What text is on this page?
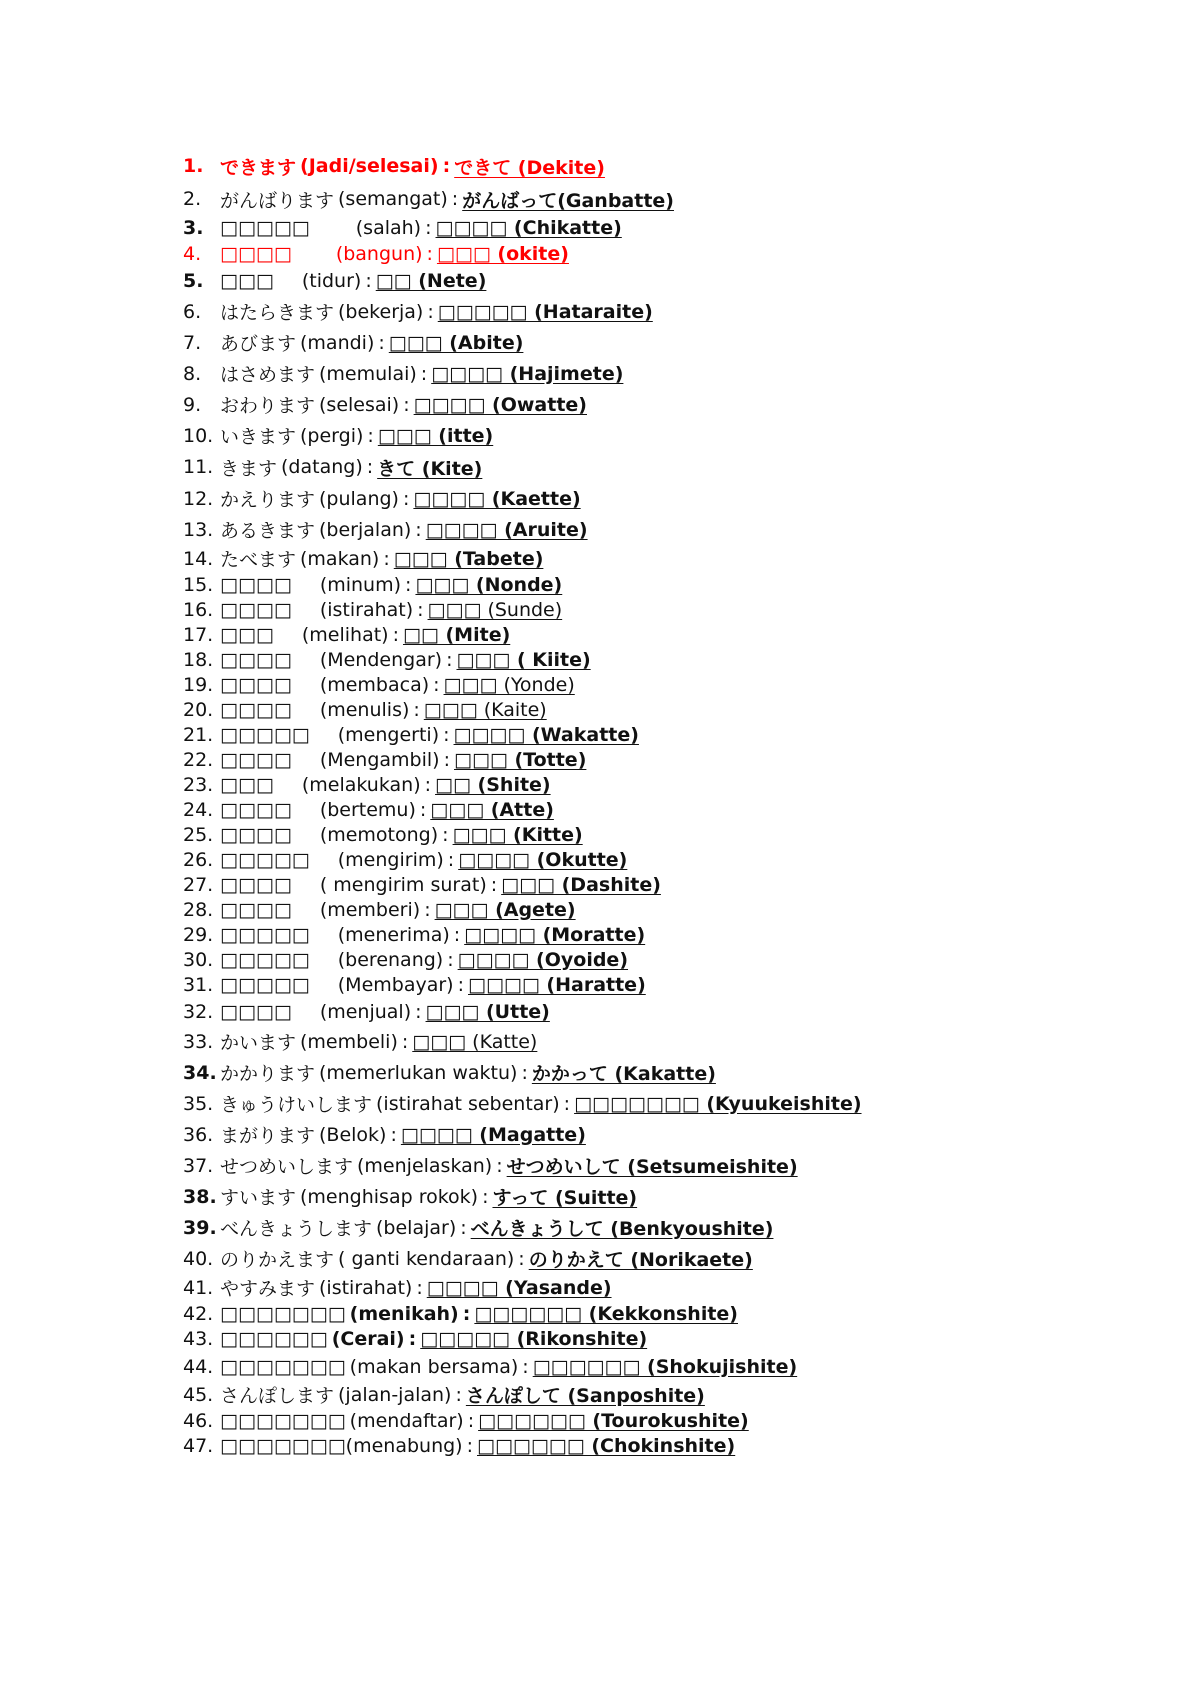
1. できます (Jadi/selesai) : できて (Dekite)
2. がんばります (semangat) : がんばって(Ganbatte)
3. □□□□□ (salah) : □□□□ (Chikatte)
4. □□□□ (bangun) : □□□ (okite)
5. □□□ (tidur) : □□ (Nete)
6. はたらきます (bekerja) : □□□□□ (Hataraite)
7. あびます (mandi) : □□□ (Abite)
8. はさめます (memulai) : □□□□ (Hajimete)
9. おわります (selesai) : □□□□ (Owatte)
10. いきます (pergi) : □□□ (itte)
11. きます (datang) : きて (Kite)
12. かえります (pulang) : □□□□ (Kaette)
13. あるきます (berjalan) : □□□□ (Aruite)
14. たべます (makan) : □□□ (Tabete)
15. □□□□ (minum) : □□□ (Nonde)
16. □□□□ (istirahat) : □□□ (Sunde)
17. □□□ (melihat) : □□ (Mite)
18. □□□□ (Mendengar) : □□□ ( Kiite)
19. □□□□ (membaca) : □□□ (Yonde)
20. □□□□ (menulis) : □□□ (Kaite)
21. □□□□□ (mengerti) : □□□□ (Wakatte)
22. □□□□ (Mengambil) : □□□ (Totte)
23. □□□ (melakukan) : □□ (Shite)
24. □□□□ (bertemu) : □□□ (Atte)
25. □□□□ (memotong) : □□□ (Kitte)
26. □□□□□ (mengirim) : □□□□ (Okutte)
27. □□□□ ( mengirim surat) : □□□ (Dashite)
28. □□□□ (memberi) : □□□ (Agete)
29. □□□□□ (menerima) : □□□□ (Moratte)
30. □□□□□ (berenang) : □□□□ (Oyoide)
31. □□□□□ (Membayar) : □□□□ (Haratte)
32. □□□□ (menjual) : □□□ (Utte)
33. かいます (membeli) : □□□ (Katte)
34. かかります (memerlukan waktu) : かかって (Kakatte)
35. きゅうけいします (istirahat sebentar) : □□□□□□□ (Kyuukeishite)
36. まがります (Belok) : □□□□ (Magatte)
37. せつめいします (menjelaskan) : せつめいして (Setsumeishite)
38. すいます (menghisap rokok) : すって (Suitte)
39. べんきょうします (belajar) : べんきょうして (Benkyoushite)
40. のりかえます ( ganti kendaraan) : のりかえて (Norikaete)
41. やすみます (istirahat) : □□□□ (Yasande)
42. □□□□□□□ (menikah) : □□□□□□ (Kekkonshite)
43. □□□□□□ (Cerai) : □□□□□ (Rikonshite)
44. □□□□□□□ (makan bersama) : □□□□□□ (Shokujishite)
45. さんぽします (jalan-jalan) : さんぽして (Sanposhite)
46. □□□□□□□ (mendaftar) : □□□□□□ (Tourokushite)
47. □□□□□□□ (menabung) : □□□□□□ (Chokinshite)
